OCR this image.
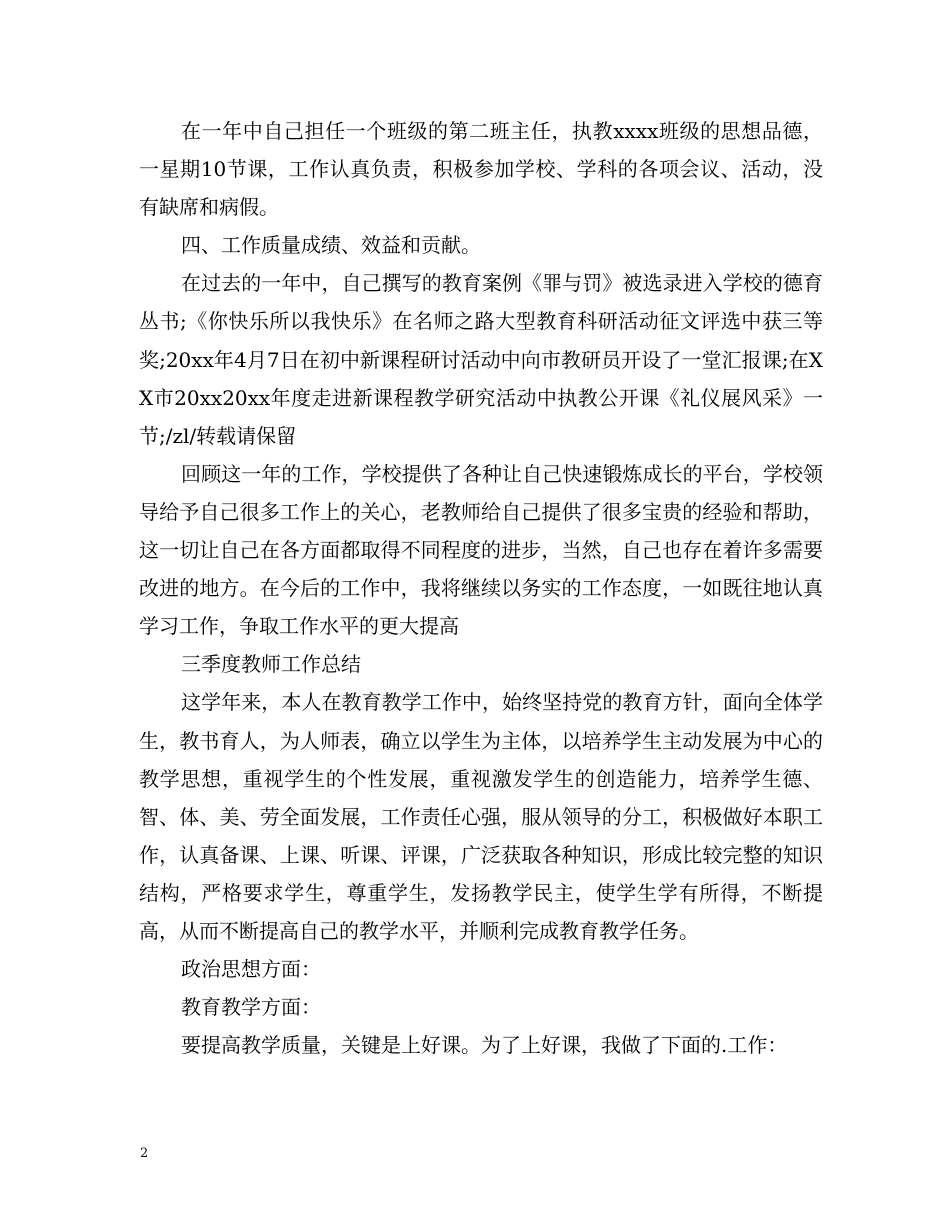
在一年中自己担任一个班级的第二班主任，执教xxxx班级的思想品德，一星期10节课，工作认真负责，积极参加学校、学科的各项会议、活动，没有缺席和病假。

四、工作质量成绩、效益和贡献。

在过去的一年中，自己撰写的教育案例《罪与罚》被选录进入学校的德育丛书;《你快乐所以我快乐》在名师之路大型教育科研活动征文评选中获三等奖;20xx年4月7日在初中新课程研讨活动中向市教研员开设了一堂汇报课;在XX市20xx20xx年度走进新课程教学研究活动中执教公开课《礼仪展风采》一节;/zl/转载请保留

回顾这一年的工作，学校提供了各种让自己快速锻炼成长的平台，学校领导给予自己很多工作上的关心，老教师给自己提供了很多宝贵的经验和帮助，这一切让自己在各方面都取得不同程度的进步，当然，自己也存在着许多需要改进的地方。在今后的工作中，我将继续以务实的工作态度，一如既往地认真学习工作，争取工作水平的更大提高

三季度教师工作总结

这学年来，本人在教育教学工作中，始终坚持党的教育方针，面向全体学生，教书育人，为人师表，确立以学生为主体，以培养学生主动发展为中心的教学思想，重视学生的个性发展，重视激发学生的创造能力，培养学生德、智、体、美、劳全面发展，工作责任心强，服从领导的分工，积极做好本职工作，认真备课、上课、听课、评课，广泛获取各种知识，形成比较完整的知识结构，严格要求学生，尊重学生，发扬教学民主，使学生学有所得，不断提高，从而不断提高自己的教学水平，并顺利完成教育教学任务。

政治思想方面：

教育教学方面：

要提高教学质量，关键是上好课。为了上好课，我做了下面的.工作：

2
